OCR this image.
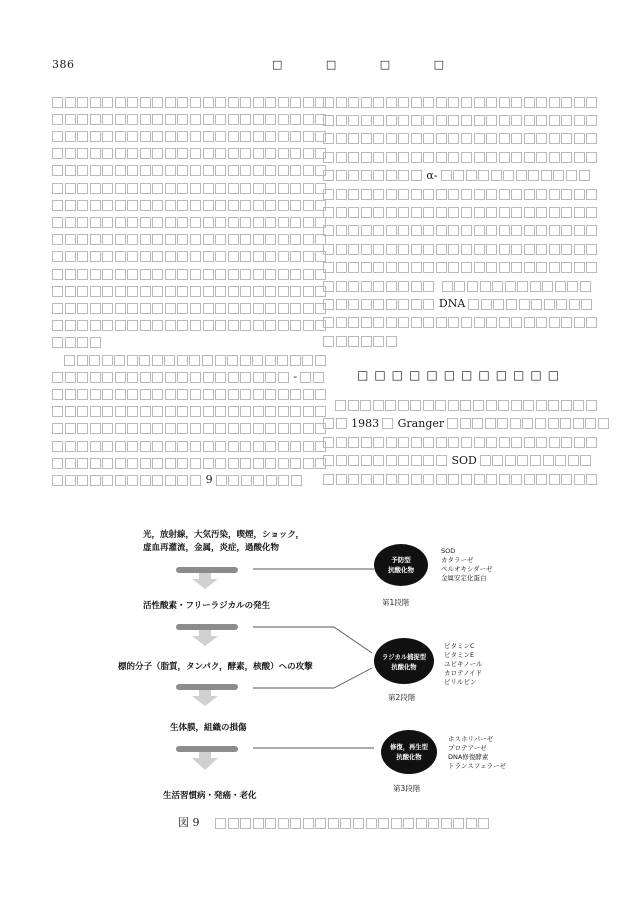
386	□ □ □ □
-
9
α-
DNA
□□□□□□□□□□□□
1983 Granger
SOD
光，放射線，大気汚染，喫煙，ショック，
虚血再灌流，金属，炎症，過酸化物
活性酸素・フリーラジカルの発生
標的分子（脂質，タンパク，酵素，核酸）への攻撃
生体膜，組織の損傷
生活習慣病・発癌・老化
予防型
抗酸化物
第1段階
SOD
カタラーゼ
ペルオキシダーゼ
金属安定化蛋白
ラジカル捕捉型
抗酸化物
第2段階
ビタミンC
ビタミンE
ユビキノール
カロテノイド
ビリルビン
修復，再生型
抗酸化物
第3段階
ホスホリパーゼ
プロテアーゼ
DNA修復酵素
トランスフェラーゼ
図 9
